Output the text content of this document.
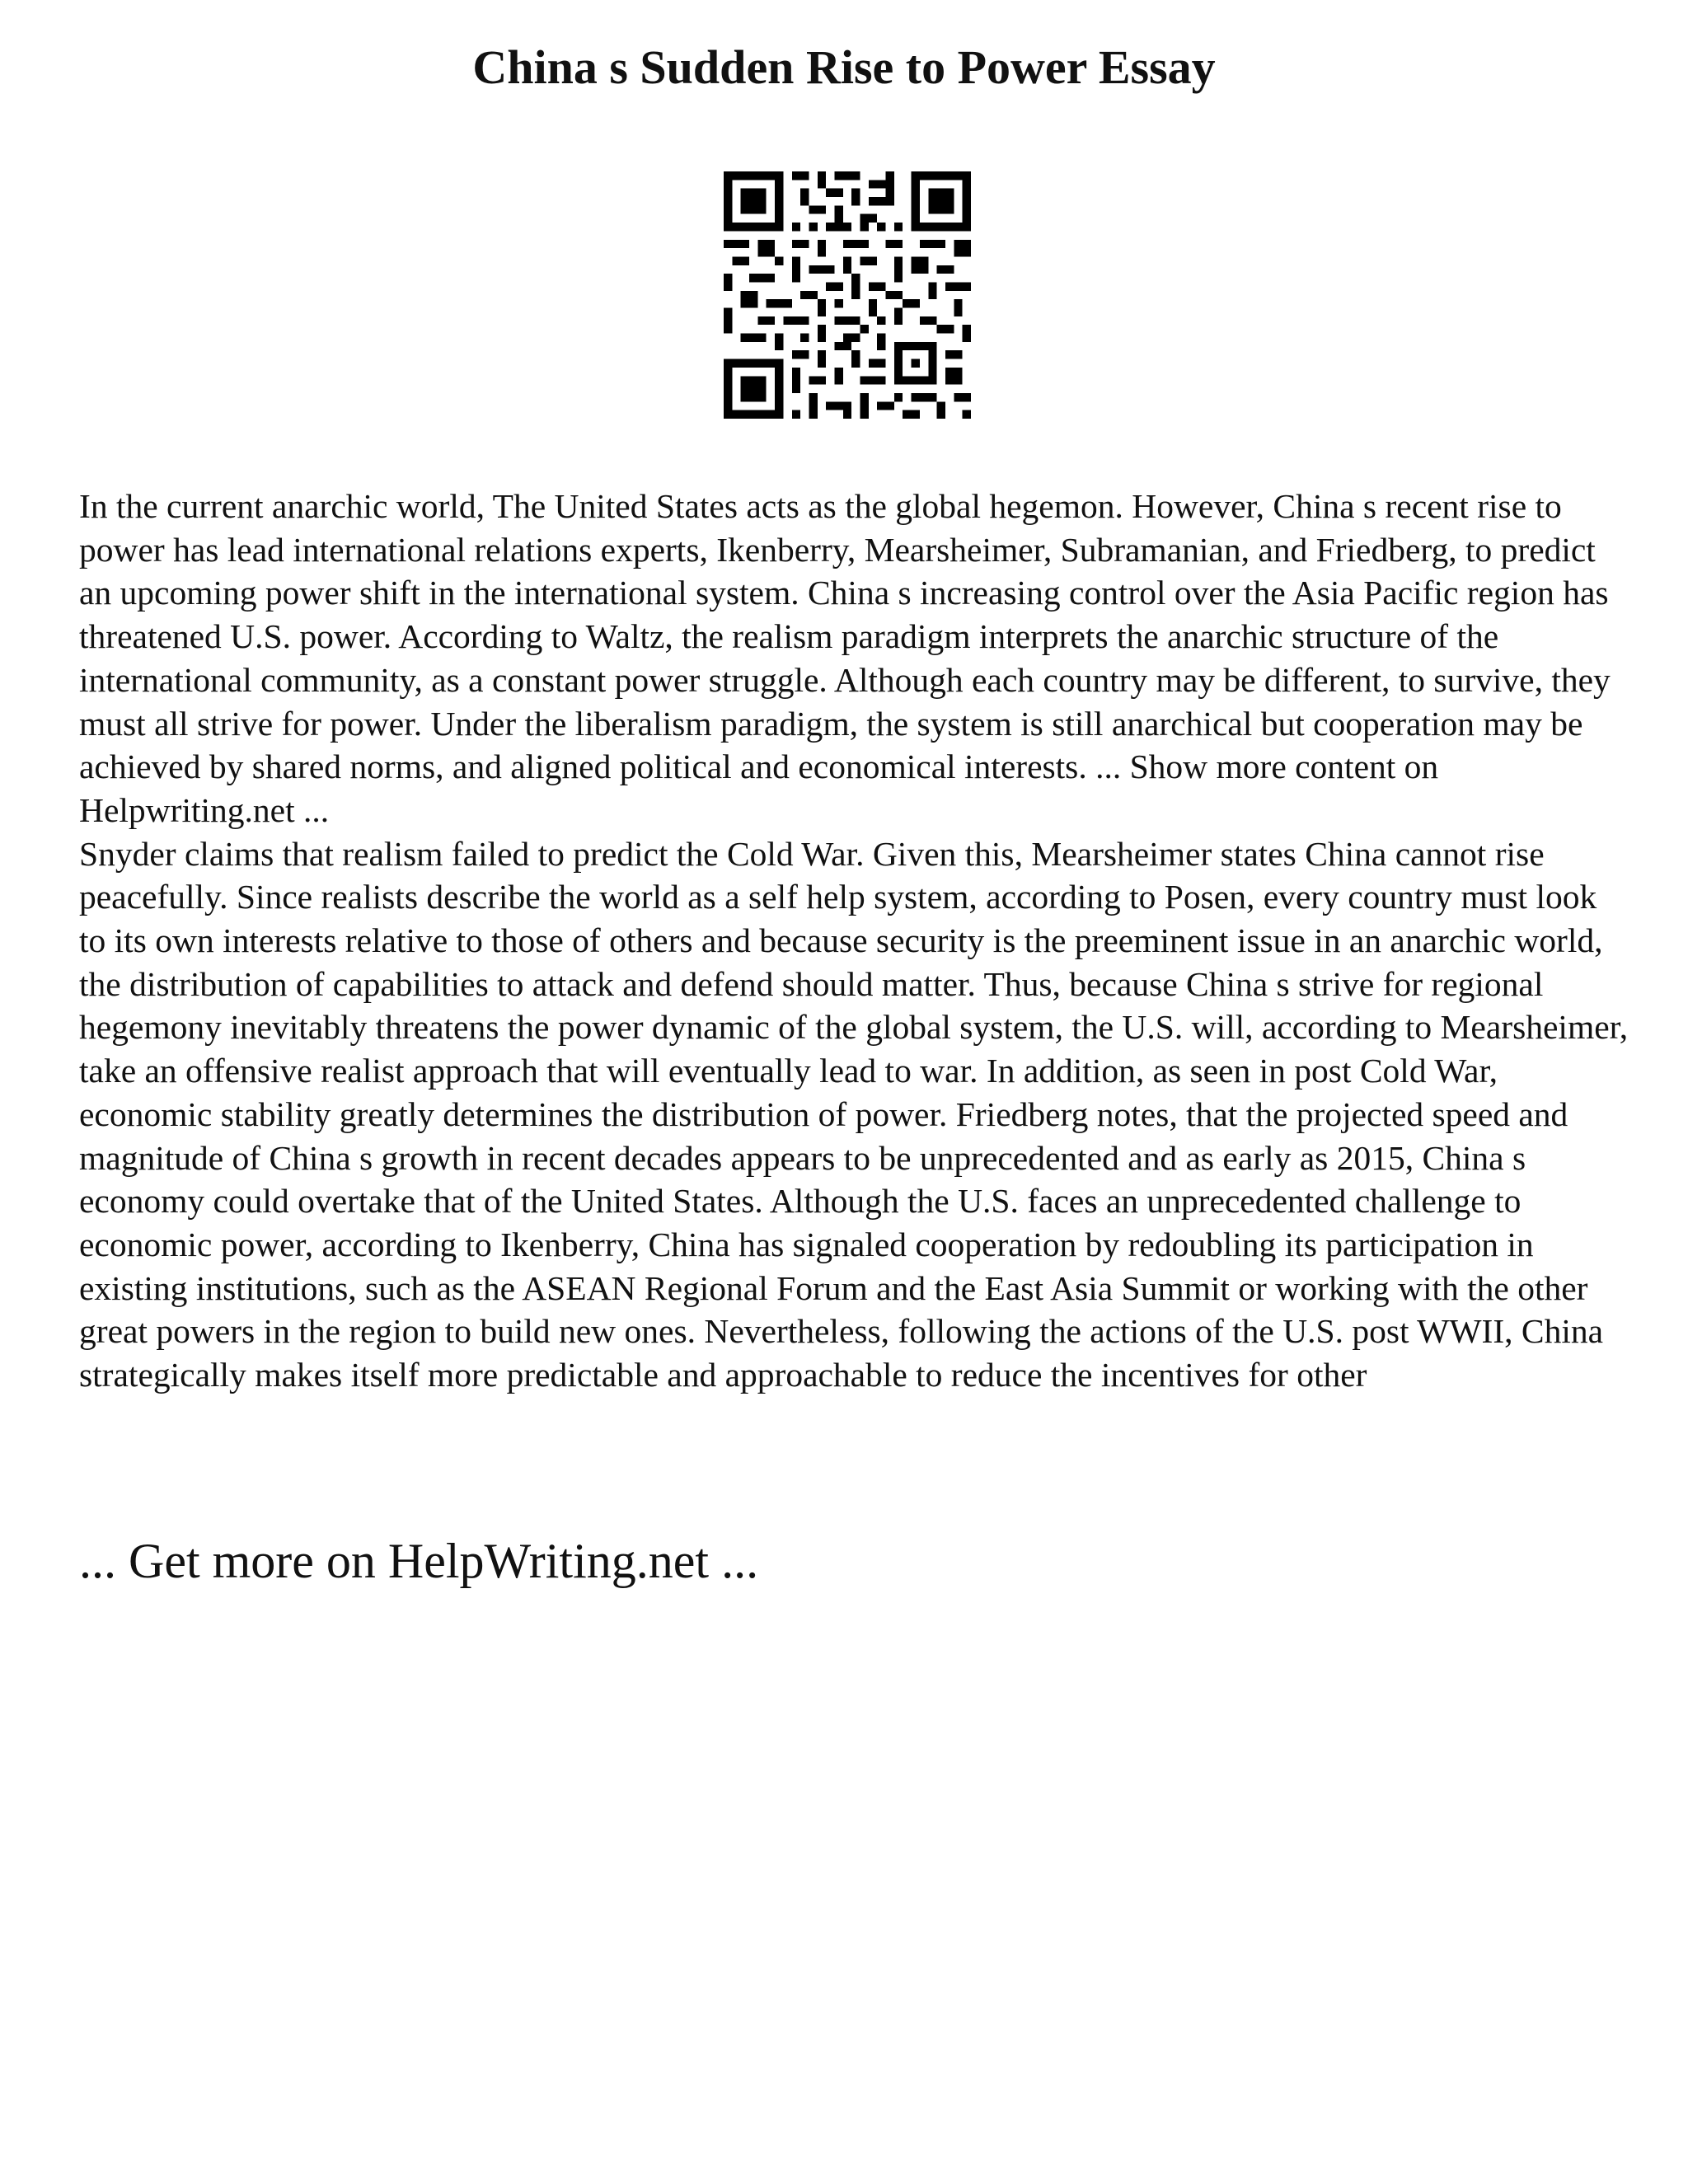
China s Sudden Rise to Power Essay

In the current anarchic world, The United States acts as the global hegemon. However, China s recent rise to power has lead international relations experts, Ikenberry, Mearsheimer, Subramanian, and Friedberg, to predict an upcoming power shift in the international system. China s increasing control over the Asia Pacific region has threatened U.S. power. According to Waltz, the realism paradigm interprets the anarchic structure of the international community, as a constant power struggle. Although each country may be different, to survive, they must all strive for power. Under the liberalism paradigm, the system is still anarchical but cooperation may be achieved by shared norms, and aligned political and economical interests. ... Show more content on Helpwriting.net ...

Snyder claims that realism failed to predict the Cold War. Given this, Mearsheimer states China cannot rise peacefully. Since realists describe the world as a self help system, according to Posen, every country must look to its own interests relative to those of others and because security is the preeminent issue in an anarchic world, the distribution of capabilities to attack and defend should matter. Thus, because China s strive for regional hegemony inevitably threatens the power dynamic of the global system, the U.S. will, according to Mearsheimer, take an offensive realist approach that will eventually lead to war. In addition, as seen in post Cold War, economic stability greatly determines the distribution of power. Friedberg notes, that the projected speed and magnitude of China s growth in recent decades appears to be unprecedented and as early as 2015, China s economy could overtake that of the United States. Although the U.S. faces an unprecedented challenge to economic power, according to Ikenberry, China has signaled cooperation by redoubling its participation in existing institutions, such as the ASEAN Regional Forum and the East Asia Summit or working with the other great powers in the region to build new ones. Nevertheless, following the actions of the U.S. post WWII, China strategically makes itself more predictable and approachable to reduce the incentives for other

... Get more on HelpWriting.net ...
